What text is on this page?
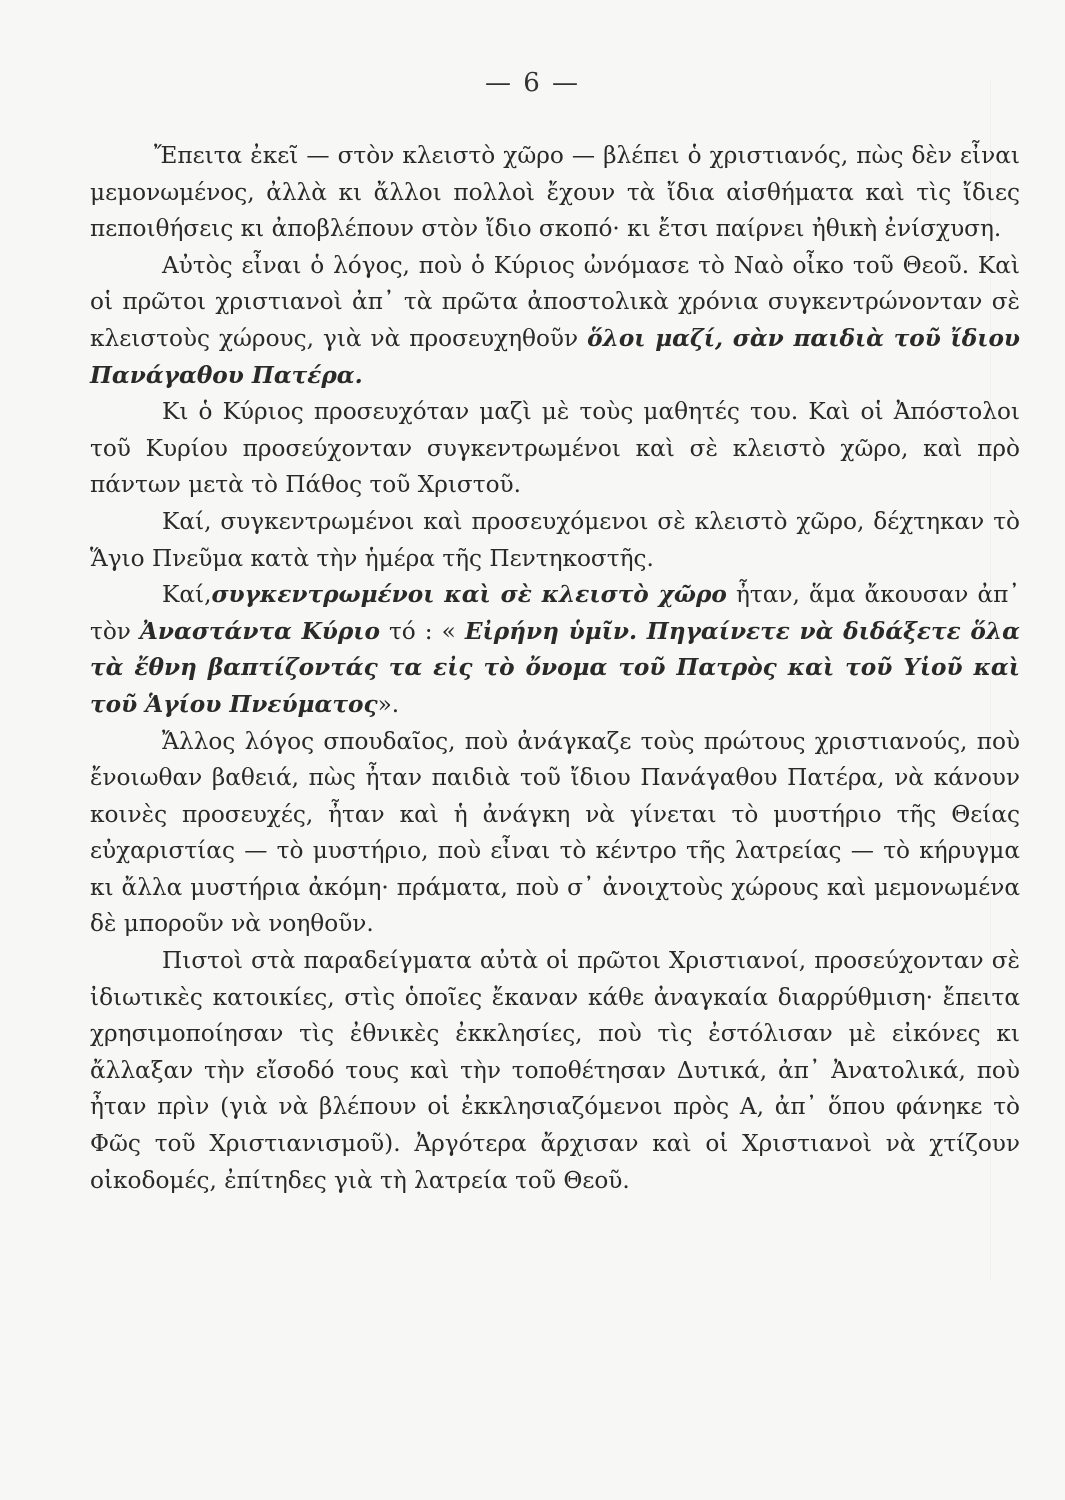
— 6 —

Ἔπειτα ἐκεῖ — στὸν κλειστὸ χῶρο — βλέπει ὁ χριστιανός, πὼς δὲν εἶναι μεμονωμένος, ἀλλὰ κι ἄλλοι πολλοὶ ἔχουν τὰ ἴδια αἰσθήματα καὶ τὶς ἴδιες πεποιθήσεις κι ἀποβλέπουν στὸν ἴδιο σκοπό· κι ἔτσι παίρνει ἠθικὴ ἐνίσχυση.

Αὐτὸς εἶναι ὁ λόγος, ποὺ ὁ Κύριος ὠνόμασε τὸ Ναὸ οἶκο τοῦ Θεοῦ. Καὶ οἱ πρῶτοι χριστιανοὶ ἀπ᾽ τὰ πρῶτα ἀποστολικὰ χρόνια συγκεντρώνονταν σὲ κλειστοὺς χώρους, γιὰ νὰ προσευχηθοῦν ὅλοι μαζί, σὰν παιδιὰ τοῦ ἴδιου Πανάγαθου Πατέρα.

Κι ὁ Κύριος προσευχόταν μαζὶ μὲ τοὺς μαθητές του. Καὶ οἱ Ἀπόστολοι τοῦ Κυρίου προσεύχονταν συγκεντρωμένοι καὶ σὲ κλειστὸ χῶρο, καὶ πρὸ πάντων μετὰ τὸ Πάθος τοῦ Χριστοῦ.

Καί, συγκεντρωμένοι καὶ προσευχόμενοι σὲ κλειστὸ χῶρο, δέχτηκαν τὸ Ἅγιο Πνεῦμα κατὰ τὴν ἡμέρα τῆς Πεντηκοστῆς.

Καί,συγκεντρωμένοι καὶ σὲ κλειστὸ χῶρο ἦταν, ἅμα ἄκουσαν ἀπ᾽ τὸν Ἀναστάντα Κύριο τό : « Εἰρήνη ὑμῖν. Πηγαίνετε νὰ διδάξετε ὅλα τὰ ἔθνη βαπτίζοντάς τα εἰς τὸ ὄνομα τοῦ Πατρὸς καὶ τοῦ Υἱοῦ καὶ τοῦ Ἁγίου Πνεύματος».

Ἄλλος λόγος σπουδαῖος, ποὺ ἀνάγκαζε τοὺς πρώτους χριστιανούς, ποὺ ἔνοιωθαν βαθειά, πὼς ἦταν παιδιὰ τοῦ ἴδιου Πανάγαθου Πατέρα, νὰ κάνουν κοινὲς προσευχές, ἦταν καὶ ἡ ἀνάγκη νὰ γίνεται τὸ μυστήριο τῆς Θείας εὐχαριστίας — τὸ μυστήριο, ποὺ εἶναι τὸ κέντρο τῆς λατρείας — τὸ κήρυγμα κι ἄλλα μυστήρια ἀκόμη· πράματα, ποὺ σ᾽ ἀνοιχτοὺς χώρους καὶ μεμονωμένα δὲ μποροῦν νὰ νοηθοῦν.

Πιστοὶ στὰ παραδείγματα αὐτὰ οἱ πρῶτοι Χριστιανοί, προσεύχονταν σὲ ἰδιωτικὲς κατοικίες, στὶς ὁποῖες ἔκαναν κάθε ἀναγκαία διαρρύθμιση· ἔπειτα χρησιμοποίησαν τὶς ἐθνικὲς ἐκκλησίες, ποὺ τὶς ἐστόλισαν μὲ εἰκόνες κι ἄλλαξαν τὴν εἴσοδό τους καὶ τὴν τοποθέτησαν Δυτικά, ἀπ᾽ Ἀνατολικά, ποὺ ἦταν πρὶν (γιὰ νὰ βλέπουν οἱ ἐκκλησιαζόμενοι πρὸς Α, ἀπ᾽ ὅπου φάνηκε τὸ Φῶς τοῦ Χριστιανισμοῦ). Ἀργότερα ἄρχισαν καὶ οἱ Χριστιανοὶ νὰ χτίζουν οἰκοδομές, ἐπίτηδες γιὰ τὴ λατρεία τοῦ Θεοῦ.
